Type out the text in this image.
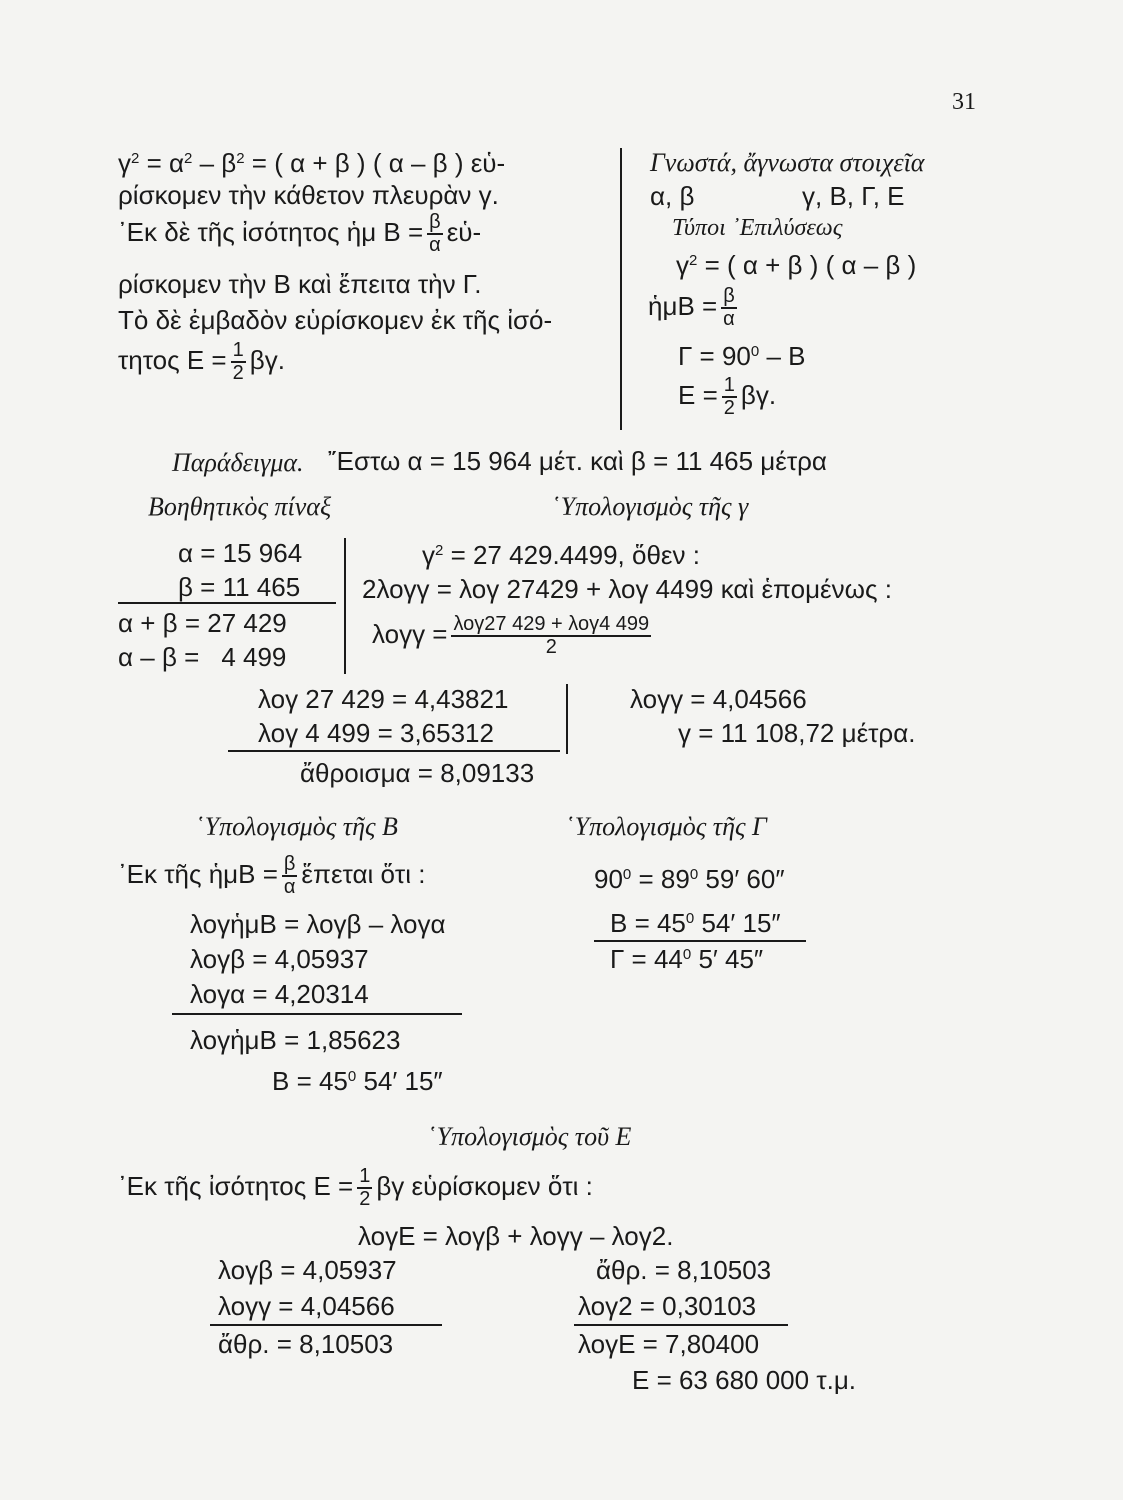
31
$\gamma^2 = \alpha^2 - \beta^2$ = ( α + β ) ( α – β ) εὑ-
ρίσκομεν τὴν κάθετον πλευρὰν γ.
᾿Εκ δὲ τῆς ἰσότητος ἡμ $B = \frac{\beta}{\alpha}$ εὑ-
ρίσκομεν τὴν B καὶ ἔπειτα τὴν Γ.
Τὸ δὲ ἐμβαδὸν εὑρίσκομεν ἐκ τῆς ἰσό-
τητος $E = \frac{1}{2} \beta\gamma$.
Γνωστά, ἄγνωστα στοιχεῖα
α, β	γ, B, Γ, E
Τύποι ᾿Επιλύσεως
$\gamma^2$ = ( α + β ) ( α – β )
ἡμB = $\frac{\beta}{\alpha}$
$\Gamma = 90^0 - B$
$E = \frac{1}{2} \beta\gamma$.
Παράδειγμα. ῎Εστω α = 15 964 μέτ. καὶ β = 11 465 μέτρα
Βοηθητικὸς πίναξ
α = 15 964
β = 11 465
α + β = 27 429
α – β = 4 499
῾Υπολογισμὸς τῆς γ
$\gamma^2 = 27$ 429.4499, ὅθεν :
2λογγ = λογ 27429 + λογ 4499 καὶ ἑπομένως :
$\lambda o\gamma\gamma = \frac{\text{λογ27 429 + λογ4 499}}{2}$
λογ 27 429 = 4,43821
λογ 4 499 = 3,65312
ἄθροισμα = 8,09133
λογγ = 4,04566
γ = 11 108,72 μέτρα.
῾Υπολογισμὸς τῆς B
᾿Εκ τῆς ἡμB = $\frac{\beta}{\alpha}$ ἕπεται ὅτι :
λογἡμB = λογβ – λογα
λογβ = 4,05937
λογα = 4,20314
λογἡμB = 1,85623
$B = 45^0$ 54′ 15″
῾Υπολογισμὸς τῆς Γ
$90^0 = 89^0$ 59′ 60″
$B = 45^0$ 54′ 15″
$\Gamma = 44^0$ 5′ 45″
῾Υπολογισμὸς τοῦ E
᾿Εκ τῆς ἰσότητος $E = \frac{1}{2}$ βγ εὑρίσκομεν ὅτι :
λογE = λογβ + λογγ – λογ2.
λογβ = 4,05937
λογγ = 4,04566
ἄθρ. = 8,10503
ἄθρ. = 8,10503
λογ2 = 0,30103
λογE = 7,80400
E = 63 680 000 τ.μ.
